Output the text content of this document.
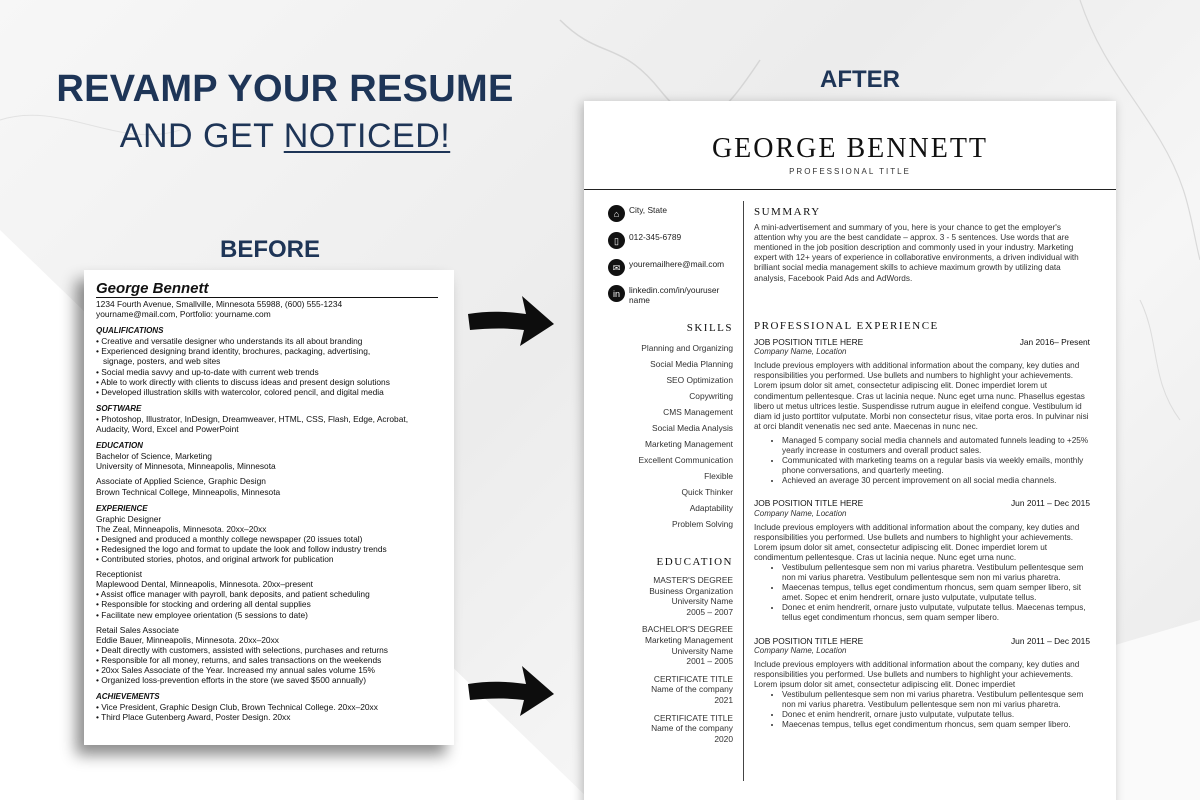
REVAMP YOUR RESUME
AND GET NOTICED!
BEFORE
AFTER
George Bennett
1234 Fourth Avenue, Smallville, Minnesota 55988, (600) 555-1234
yourname@mail.com, Portfolio: yourname.com
QUALIFICATIONS
• Creative and versatile designer who understands its all about branding
• Experienced designing brand identity, brochures, packaging, advertising,
signage, posters, and web sites
• Social media savvy and up-to-date with current web trends
• Able to work directly with clients to discuss ideas and present design solutions
• Developed illustration skills with watercolor, colored pencil, and digital media
SOFTWARE
• Photoshop, Illustrator, InDesign, Dreamweaver, HTML, CSS, Flash, Edge, Acrobat,
Audacity, Word, Excel and PowerPoint
EDUCATION
Bachelor of Science, Marketing
University of Minnesota, Minneapolis, Minnesota
Associate of Applied Science, Graphic Design
Brown Technical College, Minneapolis, Minnesota
EXPERIENCE
Graphic Designer
The Zeal, Minneapolis, Minnesota. 20xx–20xx
• Designed and produced a monthly college newspaper (20 issues total)
• Redesigned the logo and format to update the look and follow industry trends
• Contributed stories, photos, and original artwork for publication
Receptionist
Maplewood Dental, Minneapolis, Minnesota. 20xx–present
• Assist office manager with payroll, bank deposits, and patient scheduling
• Responsible for stocking and ordering all dental supplies
• Facilitate new employee orientation (5 sessions to date)
Retail Sales Associate
Eddie Bauer, Minneapolis, Minnesota. 20xx–20xx
• Dealt directly with customers, assisted with selections, purchases and returns
• Responsible for all money, returns, and sales transactions on the weekends
• 20xx Sales Associate of the Year. Increased my annual sales volume 15%
• Organized loss-prevention efforts in the store (we saved $500 annually)
ACHIEVEMENTS
• Vice President, Graphic Design Club, Brown Technical College. 20xx–20xx
• Third Place Gutenberg Award, Poster Design. 20xx
GEORGE BENNETT
PROFESSIONAL TITLE
⌂	City, State
▯	012-345-6789
✉	youremailhere@mail.com
in	linkedin.com/in/youruser name
SKILLS
Planning and Organizing
Social Media Planning
SEO Optimization
Copywriting
CMS Management
Social Media Analysis
Marketing Management
Excellent Communication
Flexible
Quick Thinker
Adaptability
Problem Solving
EDUCATION
MASTER'S DEGREE
Business Organization
University Name
2005 – 2007
BACHELOR'S DEGREE
Marketing Management
University Name
2001 – 2005
CERTIFICATE TITLE
Name of the company
2021
CERTIFICATE TITLE
Name of the company
2020
SUMMARY
A mini-advertisement and summary of you, here is your chance to get the employer's attention why you are the best candidate – approx. 3 - 5 sentences. Use words that are mentioned in the job position description and commonly used in your industry. Marketing expert with 12+ years of experience in collaborative environments, a driven individual with brilliant social media management skills to achieve maximum growth by utilizing data analysis, Facebook Paid Ads and AdWords.
PROFESSIONAL EXPERIENCE
JOB POSITION TITLE HERE	Jan 2016– Present
Company Name, Location
Include previous employers with additional information about the company, key duties and responsibilities you performed. Use bullets and numbers to highlight your achievements. Lorem ipsum dolor sit amet, consectetur adipiscing elit. Donec imperdiet lorem ut condimentum pellentesque. Cras ut lacinia neque. Nunc eget urna nunc. Phasellus egestas libero ut metus ultrices lestie. Suspendisse rutrum augue in eleifend congue. Vestibulum id diam id justo porttitor vulputate. Morbi non consectetur risus, vitae porta eros. In pulvinar nisi at orci blandit venenatis nec sed ante. Maecenas in nunc nec.
• Managed 5 company social media channels and automated funnels leading to +25% yearly increase in costumers and overall product sales.
• Communicated with marketing teams on a regular basis via weekly emails, monthly phone conversations, and quarterly meeting.
• Achieved an average 30 percent improvement on all social media channels.
JOB POSITION TITLE HERE	Jun 2011 – Dec 2015
Company Name, Location
Include previous employers with additional information about the company, key duties and responsibilities you performed. Use bullets and numbers to highlight your achievements. Lorem ipsum dolor sit amet, consectetur adipiscing elit. Donec imperdiet lorem ut condimentum pellentesque. Cras ut lacinia neque. Nunc eget urna nunc.
• Vestibulum pellentesque sem non mi varius pharetra. Vestibulum pellentesque sem non mi varius pharetra. Vestibulum pellentesque sem non mi varius pharetra.
• Maecenas tempus, tellus eget condimentum rhoncus, sem quam semper libero, sit amet. Sopec et enim hendrerit, ornare justo vulputate, vulputate tellus.
• Donec et enim hendrerit, ornare justo vulputate, vulputate tellus. Maecenas tempus, tellus eget condimentum rhoncus, sem quam semper libero.
JOB POSITION TITLE HERE	Jun 2011 – Dec 2015
Company Name, Location
Include previous employers with additional information about the company, key duties and responsibilities you performed. Use bullets and numbers to highlight your achievements. Lorem ipsum dolor sit amet, consectetur adipiscing elit. Donec imperdiet
• Vestibulum pellentesque sem non mi varius pharetra. Vestibulum pellentesque sem non mi varius pharetra. Vestibulum pellentesque sem non mi varius pharetra.
• Donec et enim hendrerit, ornare justo vulputate, vulputate tellus.
• Maecenas tempus, tellus eget condimentum rhoncus, sem quam semper libero.
